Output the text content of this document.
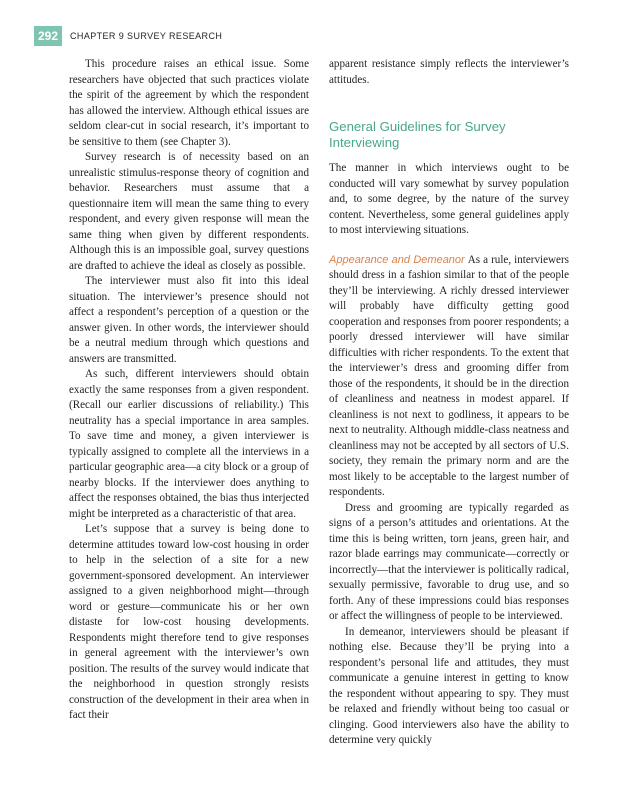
292	CHAPTER 9 SURVEY RESEARCH

This procedure raises an ethical issue. Some researchers have objected that such practices violate the spirit of the agreement by which the respondent has allowed the interview. Although ethical issues are seldom clear-cut in social research, it’s important to be sensitive to them (see Chapter 3).

Survey research is of necessity based on an unrealistic stimulus-response theory of cognition and behavior. Researchers must assume that a questionnaire item will mean the same thing to every respondent, and every given response will mean the same thing when given by different respondents. Although this is an impossible goal, survey questions are drafted to achieve the ideal as closely as possible.

The interviewer must also fit into this ideal situation. The interviewer’s presence should not affect a respondent’s perception of a question or the answer given. In other words, the interviewer should be a neutral medium through which questions and answers are transmitted.

As such, different interviewers should obtain exactly the same responses from a given respondent. (Recall our earlier discussions of reliability.) This neutrality has a special importance in area samples. To save time and money, a given interviewer is typically assigned to complete all the interviews in a particular geographic area—a city block or a group of nearby blocks. If the interviewer does anything to affect the responses obtained, the bias thus interjected might be interpreted as a characteristic of that area.

Let’s suppose that a survey is being done to determine attitudes toward low-cost housing in order to help in the selection of a site for a new government-sponsored development. An interviewer assigned to a given neighborhood might—through word or gesture—communicate his or her own distaste for low-cost housing developments. Respondents might therefore tend to give responses in general agreement with the interviewer’s own position. The results of the survey would indicate that the neighborhood in question strongly resists construction of the development in their area when in fact their

apparent resistance simply reflects the interviewer’s attitudes.

General Guidelines for Survey Interviewing

The manner in which interviews ought to be conducted will vary somewhat by survey population and, to some degree, by the nature of the survey content. Nevertheless, some general guidelines apply to most interviewing situations.

Appearance and Demeanor As a rule, interviewers should dress in a fashion similar to that of the people they’ll be interviewing. A richly dressed interviewer will probably have difficulty getting good cooperation and responses from poorer respondents; a poorly dressed interviewer will have similar difficulties with richer respondents. To the extent that the interviewer’s dress and grooming differ from those of the respondents, it should be in the direction of cleanliness and neatness in modest apparel. If cleanliness is not next to godliness, it appears to be next to neutrality. Although middle-class neatness and cleanliness may not be accepted by all sectors of U.S. society, they remain the primary norm and are the most likely to be acceptable to the largest number of respondents.

Dress and grooming are typically regarded as signs of a person’s attitudes and orientations. At the time this is being written, torn jeans, green hair, and razor blade earrings may communicate—correctly or incorrectly—that the interviewer is politically radical, sexually permissive, favorable to drug use, and so forth. Any of these impressions could bias responses or affect the willingness of people to be interviewed.

In demeanor, interviewers should be pleasant if nothing else. Because they’ll be prying into a respondent’s personal life and attitudes, they must communicate a genuine interest in getting to know the respondent without appearing to spy. They must be relaxed and friendly without being too casual or clinging. Good interviewers also have the ability to determine very quickly
